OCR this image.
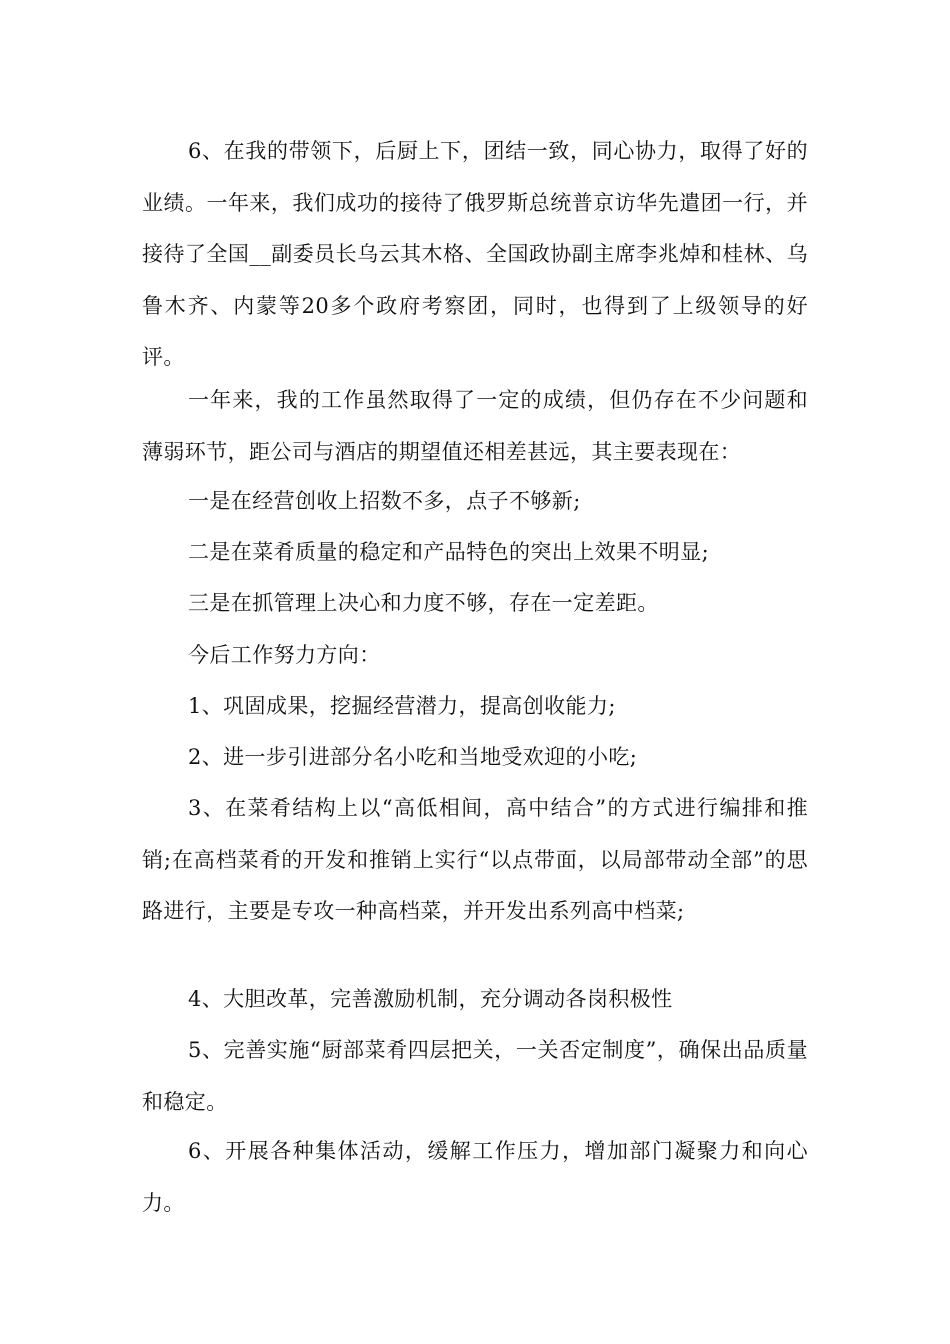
6、在我的带领下，后厨上下，团结一致，同心协力，取得了好的业绩。一年来，我们成功的接待了俄罗斯总统普京访华先遣团一行，并接待了全国__副委员长乌云其木格、全国政协副主席李兆焯和桂林、乌鲁木齐、内蒙等20多个政府考察团，同时，也得到了上级领导的好评。

一年来，我的工作虽然取得了一定的成绩，但仍存在不少问题和薄弱环节，距公司与酒店的期望值还相差甚远，其主要表现在：

一是在经营创收上招数不多，点子不够新;

二是在菜肴质量的稳定和产品特色的突出上效果不明显;

三是在抓管理上决心和力度不够，存在一定差距。

今后工作努力方向：

1、巩固成果，挖掘经营潜力，提高创收能力;

2、进一步引进部分名小吃和当地受欢迎的小吃;

3、在菜肴结构上以“高低相间，高中结合”的方式进行编排和推销;在高档菜肴的开发和推销上实行“以点带面，以局部带动全部”的思路进行，主要是专攻一种高档菜，并开发出系列高中档菜;

4、大胆改革，完善激励机制，充分调动各岗积极性

5、完善实施“厨部菜肴四层把关，一关否定制度”，确保出品质量和稳定。

6、开展各种集体活动，缓解工作压力，增加部门凝聚力和向心力。
